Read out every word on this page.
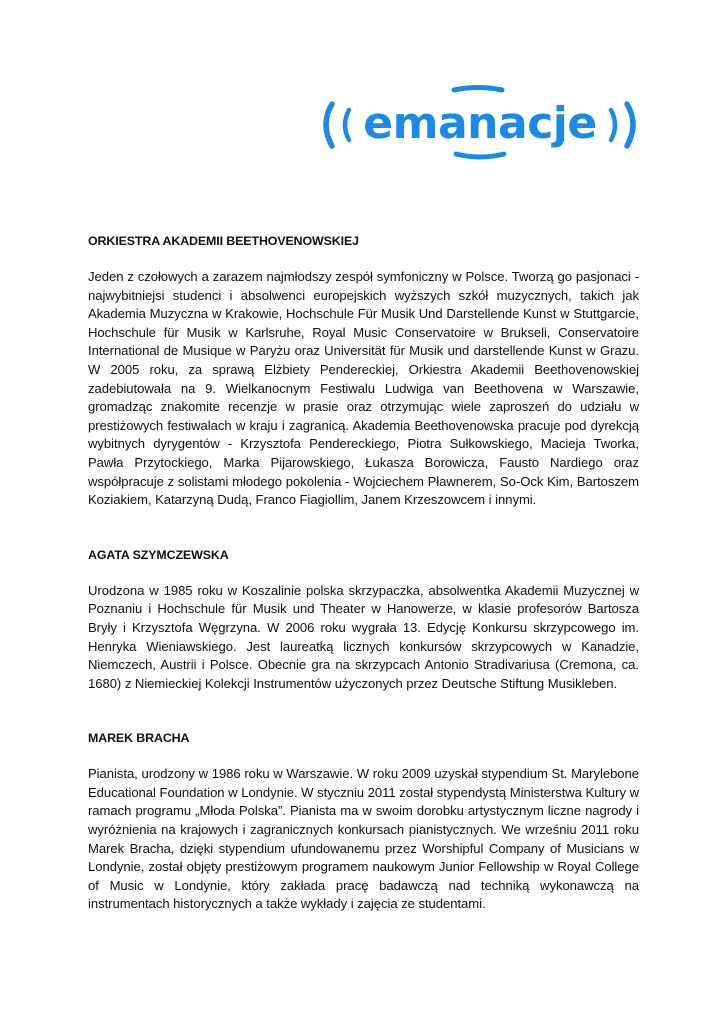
emanacje
ORKIESTRA AKADEMII BEETHOVENOWSKIEJ

Jeden z czołowych a zarazem najmłodszy zespół symfoniczny w Polsce. Tworzą go pasjonaci - najwybitniejsi studenci i absolwenci europejskich wyższych szkół muzycznych, takich jak Akademia Muzyczna w Krakowie, Hochschule Für Musik Und Darstellende Kunst w Stuttgarcie, Hochschule für Musik w Karlsruhe, Royal Music Conservatoire w Brukseli, Conservatoire International de Musique w Paryżu oraz Universität für Musik und darstellende Kunst w Grazu. W 2005 roku, za sprawą Elżbiety Pendereckiej, Orkiestra Akademii Beethovenowskiej zadebiutowała na 9. Wielkanocnym Festiwalu Ludwiga van Beethovena w Warszawie, gromadząc znakomite recenzje w prasie oraz otrzymując wiele zaproszeń do udziału w prestiżowych festiwalach w kraju i zagranicą. Akademia Beethovenowska pracuje pod dyrekcją wybitnych dyrygentów - Krzysztofa Pendereckiego, Piotra Sułkowskiego, Macieja Tworka, Pawła Przytockiego, Marka Pijarowskiego, Łukasza Borowicza, Fausto Nardiego oraz współpracuje z solistami młodego pokolenia - Wojciechem Pławnerem, So-Ock Kim, Bartoszem Koziakiem, Katarzyną Dudą, Franco Fiagiollim, Janem Krzeszowcem i innymi.

AGATA SZYMCZEWSKA

Urodzona w 1985 roku w Koszalinie polska skrzypaczka, absolwentka Akademii Muzycznej w Poznaniu i Hochschule für Musik und Theater w Hanowerze, w klasie profesorów Bartosza Bryły i Krzysztofa Węgrzyna. W 2006 roku wygrała 13. Edycję Konkursu skrzypcowego im. Henryka Wieniawskiego. Jest laureatką licznych konkursów skrzypcowych w Kanadzie, Niemczech, Austrii i Polsce. Obecnie gra na skrzypcach Antonio Stradivariusa (Cremona, ca. 1680) z Niemieckiej Kolekcji Instrumentów użyczonych przez Deutsche Stiftung Musikleben.

MAREK BRACHA

Pianista, urodzony w 1986 roku w Warszawie. W roku 2009 uzyskał stypendium St. Marylebone Educational Foundation w Londynie. W styczniu 2011 został stypendystą Ministerstwa Kultury w ramach programu „Młoda Polska”. Pianista ma w swoim dorobku artystycznym liczne nagrody i wyróżnienia na krajowych i zagranicznych konkursach pianistycznych. We wrześniu 2011 roku Marek Bracha, dzięki stypendium ufundowanemu przez Worshipful Company of Musicians w Londynie, został objęty prestiżowym programem naukowym Junior Fellowship w Royal College of Music w Londynie, który zakłada pracę badawczą nad techniką wykonawczą na instrumentach historycznych a także wykłady i zajęcia ze studentami.
